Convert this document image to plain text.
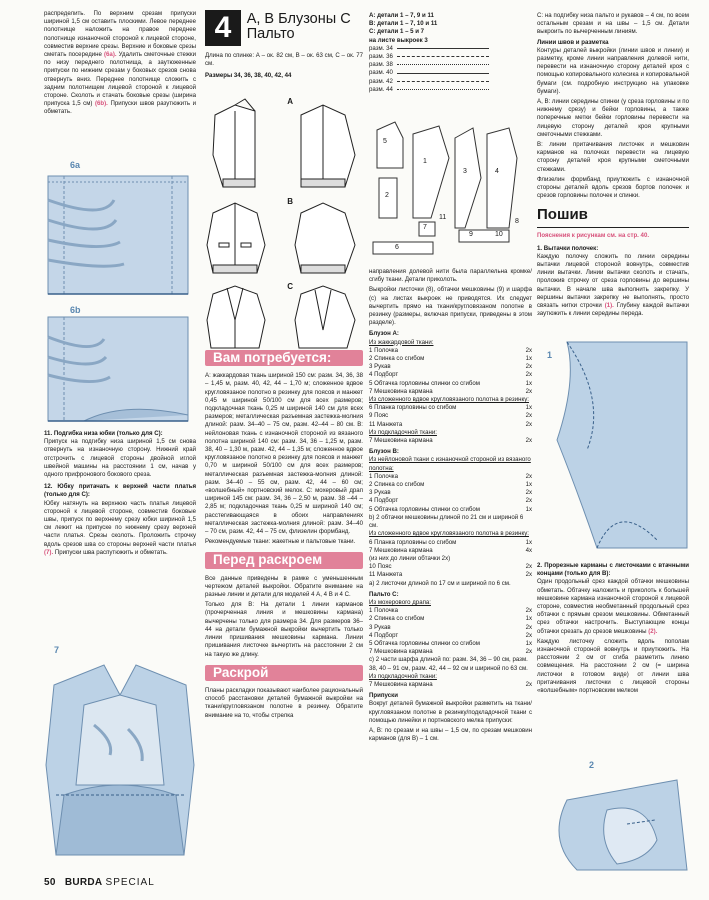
распределить. По верхним срезам припуски шириной 1,5 см оставить плоскими. Левое переднее полотнище наложить на правое переднее полотнище изнаночной стороной к лицевой стороне, совместив верхние срезы. Верхние и боковые срезы сметать посередине (6а). Удалить сметочные стежки по низу переднего полотнища, а заутюженные припуски по нижним срезам у боковых срезов снова отвернуть вниз. Переднее полотнище сложить с задним полотнищем лицевой стороной к лицевой стороне. Сколоть и стачать боковые срезы (ширина припуска 1,5 см) (6b). Припуски швов разутюжить и обметать.

6a
6b

11. Подгибка низа юбки (только для С):
Припуск на подгибку низа шириной 1,5 см снова отвернуть на изнаночную сторону. Нижний край отстрочить с лицевой стороны двойной иглой швейной машины на расстоянии 1 см, начав у одного прифронового бокового среза.

12. Юбку притачать к верхней части платья (только для С):
Юбку натянуть на верхнюю часть платья лицевой стороной к лицевой стороне, совместив боковые швы, припуск по верхнему срезу юбки шириной 1,5 см лежит на припуске по нижнему срезу верхней части платья. Срезы сколоть. Проложить строчку вдоль срезов шва со стороны верхней части платья (7). Припуски шва распутюжить и обметать.

7
4 А, В Блузоны С Пальто

Длина по спинке: А – ок. 82 см, В – ок. 63 см, С – ок. 77 см.

Размеры 34, 36, 38, 40, 42, 44

A
B
C
Вам потребуется:

А: жаккардовая ткань шириной 150 см: разм. 34, 36, 38 – 1,45 м, разм. 40, 42, 44 – 1,70 м; сложенное вдвое кругловязаное полотно в резинку для поясов и манжет 0,45 м шириной 50/100 см для всех размеров; подкладочная ткань 0,25 м шириной 140 см для всех размеров; металлическая разъемная застежка-молния длиной: разм. 34–40 – 75 см, разм. 42–44 – 80 см. В: нейлоновая ткань с изнаночной стороной из вязаного полотна шириной 140 см: разм. 34, 36 – 1,25 м, разм. 38, 40 – 1,30 м, разм. 42, 44 – 1,35 м; сложенное вдвое кругловязаное полотно в резинку для поясов и манжет 0,70 м шириной 50/100 см для всех размеров; металлическая разъемная застежка-молния длиной: разм. 34–40 – 55 см, разм. 42, 44 – 60 см; «волшебный» портновский мелок. С: мохеровый драп шириной 145 см: разм. 34, 36 – 2,50 м, разм. 38 –44 – 2,85 м; подкладочная ткань 0,25 м шириной 140 см; расстегивающаяся в обоих направлениях металлическая застежка-молния длиной: разм. 34–40 – 70 см, разм. 42, 44 – 75 см, флизелин формбанд.

Рекомендуемые ткани: жакетные и пальтовые ткани.

Перед раскроем

Все данные приведены в рамке с уменьшенным чертежом деталей выкройки. Обратите внимание на разные линии и детали для моделей 4 А, 4 В и 4 С.

Только для В: На детали 1 линии карманов (прочерченная линия и мешковины кармана) вычерчены только для размера 34. Для размеров 36–44 на детали бумажной выкройки вычертить только линии пришивания мешковины кармана. Линии пришивания листочке вычертить на расстоянии 2 см на такую же длину.

Раскрой

Планы раскладки показывают наиболее рациональный способ расстановки деталей бумажной выкройки на ткани/кругловязаном полотне в резинку. Обратите внимание на то, чтобы стрелка

A: детали 1 – 7, 9 и 11
B: детали 1 – 7, 10 и 11
C: детали 1 – 5 и 7
на листе выкроек 3
разм. 34
разм. 36
разм. 38
разм. 40
разм. 42
разм. 44
5
1
3	4
2
6
7
11
9	10
8

направления долевой нити была параллельна кромке/сгибу ткани. Детали приколоть.

Выкройки листочки (8), обтачки мешковины (9) и шарфа (с) на листах выкроек не приводятся. Их следует вычертить прямо на ткани/кругловязаном полотне в резинку (размеры, включая припуски, приведены в этом разделе).

Блузон А:
Из жаккардовой ткани:
1 Полочка	2x
2 Спинка со сгибом	1x
3 Рукав	2x
4 Подборт	2x
5 Обтачка горловины спинки со сгибом	1x
7 Мешковина кармана	2x
Из сложенного вдвое кругловязаного полотна в резинку:
6 Планка горловины со сгибом	1x
9 Пояс	2x
11 Манжета	2x
Из подкладочной ткани:
7 Мешковина кармана	2x
Блузон В:
Из нейлоновой ткани с изнаночной стороной из вязаного полотна:
1 Полочка	2x
2 Спинка со сгибом	1x
3 Рукав	2x
4 Подборт	2x
5 Обтачка горловины спинки со сгибом	1x
b) 2 обтачки мешковины длиной по 21 см и шириной 6 см.
Из сложенного вдвое кругловязаного полотна в резинку:
6 Планка горловины со сгибом	1x
7 Мешковина кармана	4x
(из них до линии обтачки 2x)
10 Пояс	2x
11 Манжета	2x
а) 2 листочки длиной по 17 см и шириной по 6 см.
Пальто С:
Из мохерового драпа:
1 Полочка	2x
2 Спинка со сгибом	1x
3 Рукав	2x
4 Подборт	2x
5 Обтачка горловины спинки со сгибом	1x
7 Мешковина кармана	2x
c) 2 части шарфа длиной по: разм. 34, 36 – 90 см, разм. 38, 40 – 91 см, разм. 42, 44 – 92 см и шириной по 63 см.
Из подкладочной ткани:
7 Мешковина кармана	2x
Припуски

Вокруг деталей бумажной выкройки разметить на ткани/кругловязаном полотне в резинку/подкладочной ткани с помощью линейки и портновского мелка припуски:

А, В: по срезам и на швы – 1,5 см, по срезам мешковин карманов (для В) – 1 см.

С: на подгибку низа пальто и рукавов – 4 см, по всем остальным срезам и на швы – 1,5 см. Детали выкроить по вычерченным линиям.

Линии швов и разметка

Контуры деталей выкройки (линии швов и линии) и разметку, кроме линии направления долевой нити, перевести на изнаночную сторону деталей кроя с помощью копировального колесика и копировальной бумаги (см. подробную инструкцию на упаковке бумаги).

А, В: линии середины спинки (у среза горловины и по нижнему срезу) и бейки горловины, а также поперечные метки бейки горловины перевести на лицевую сторону деталей кроя крупными сметочными стежками.

В: линии притачивания листочек и мешковин карманов на полочках перевести на лицевую сторону деталей кроя крупными сметочными стежками.

Флизелин формбанд приутюжить с изнаночной стороны деталей вдоль срезов бортов полочек и срезов горловины полочек и спинки.

Пошив

Пояснения к рисункам см. на стр. 40.

1. Вытачки полочек:
Каждую полочку сложить по линии середины вытачки лицевой стороной вовнутрь, совместив линии вытачки. Линии вытачки сколоть и стачать, проложив строчку от среза горловины до вершины вытачки. В начале шва выполнить закрепку. У вершины вытачки закрепку не выполнять, просто связать нитки строчки (1). Глубину каждой вытачки заутюжить к линии середины переда.

1

2. Прорезные карманы с листочками с втачными концами (только для В):
Один продольный срез каждой обтачки мешковины обметать. Обтачку наложить и приколоть к большей мешковине кармана изнаночной стороной к лицевой стороне, совместив необметанный продольный срез обтачки с прямым срезом мешковины. Обметанный срез обтачки настрочить. Выступающие концы обтачки срезать до срезов мешковины (2).

Каждую листочку сложить вдоль пополам изнаночной стороной вовнутрь и приутюжить. На расстоянии 2 см от сгиба разметить линию совмещения. На расстоянии 2 см (= ширина листочки в готовом виде) от линии шва притачивания листочки с лицевой стороны «волшебным» портновским мелком

2
50 BURDA SPECIAL
